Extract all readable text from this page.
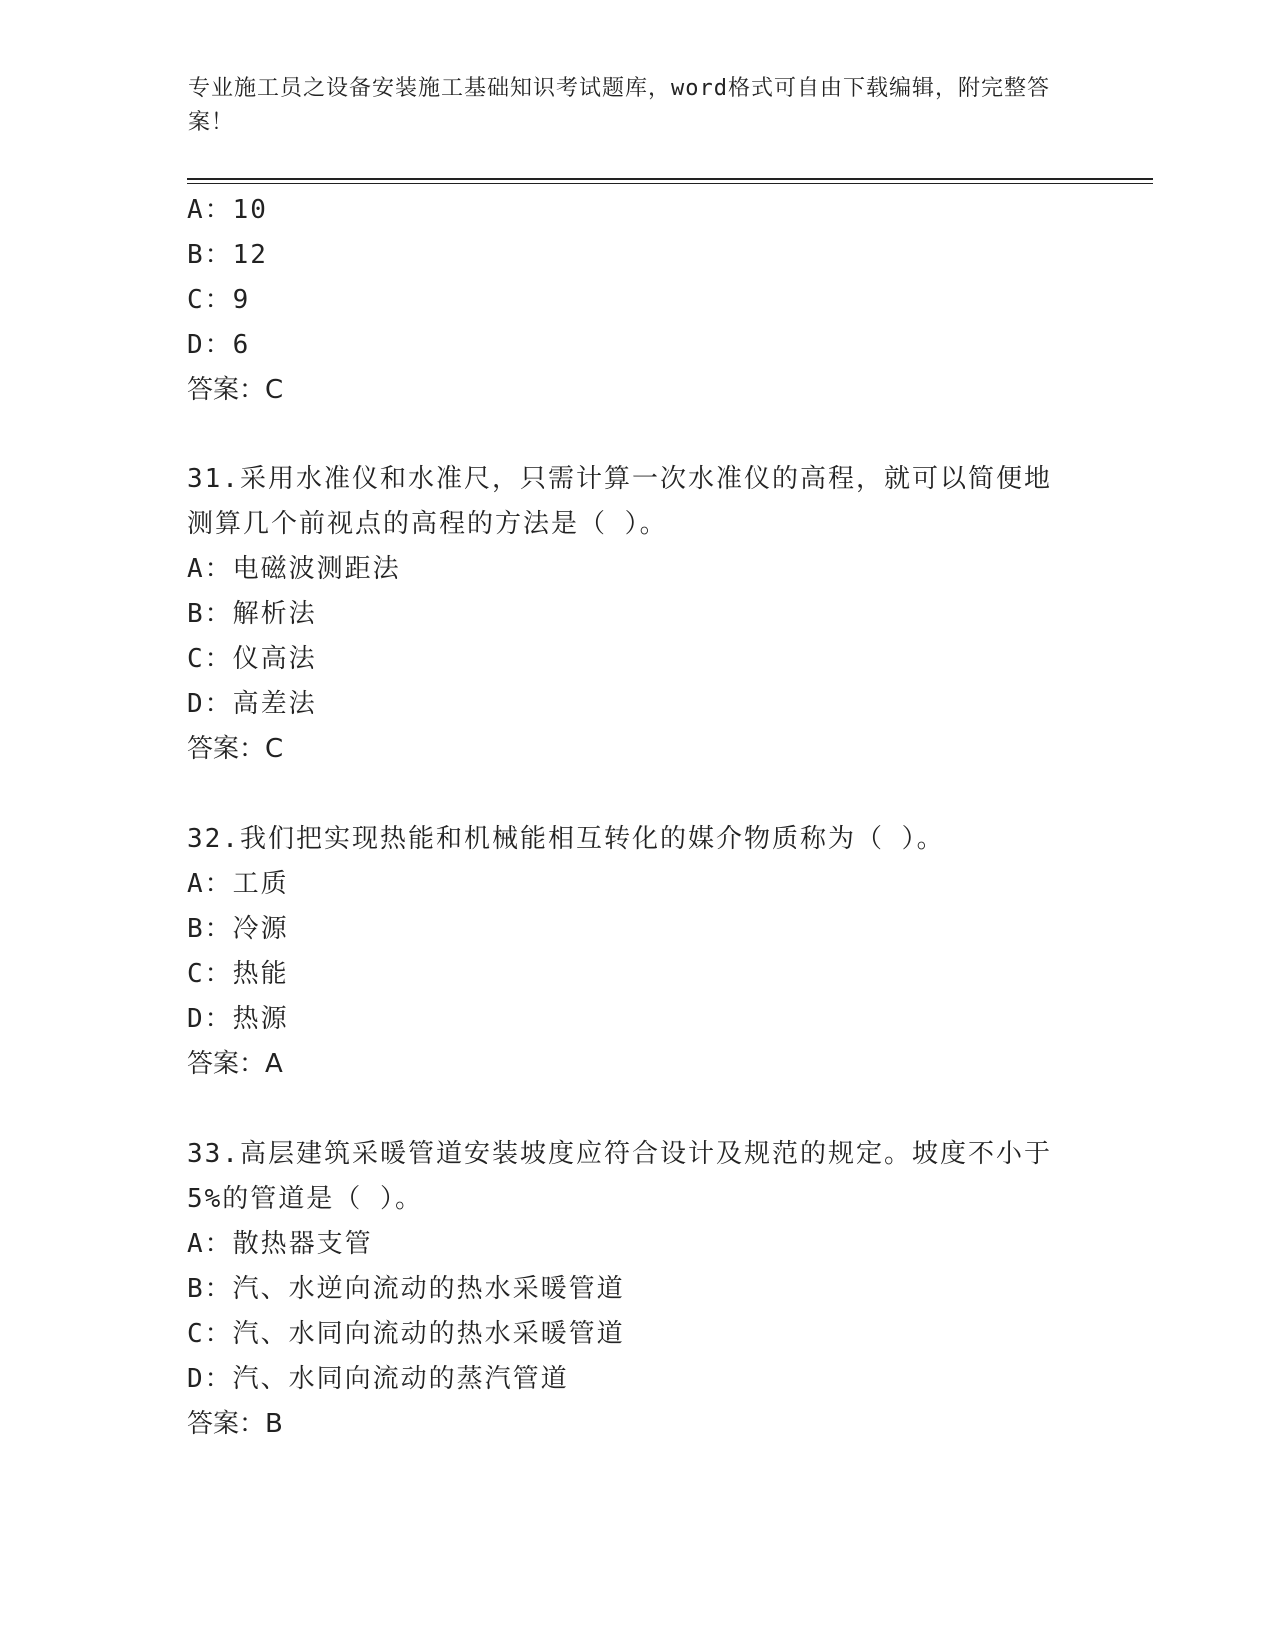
专业施工员之设备安装施工基础知识考试题库，word格式可自由下载编辑，附完整答案！
A：10
B：12
C：9
D：6
答案：C
31.采用水准仪和水准尺，只需计算一次水准仪的高程，就可以简便地
测算几个前视点的高程的方法是（ ）。
A：电磁波测距法
B：解析法
C：仪高法
D：高差法
答案：C
32.我们把实现热能和机械能相互转化的媒介物质称为（ ）。
A：工质
B：冷源
C：热能
D：热源
答案：A
33.高层建筑采暖管道安装坡度应符合设计及规范的规定。坡度不小于
5%的管道是（ ）。
A：散热器支管
B：汽、水逆向流动的热水采暖管道
C：汽、水同向流动的热水采暖管道
D：汽、水同向流动的蒸汽管道
答案：B
